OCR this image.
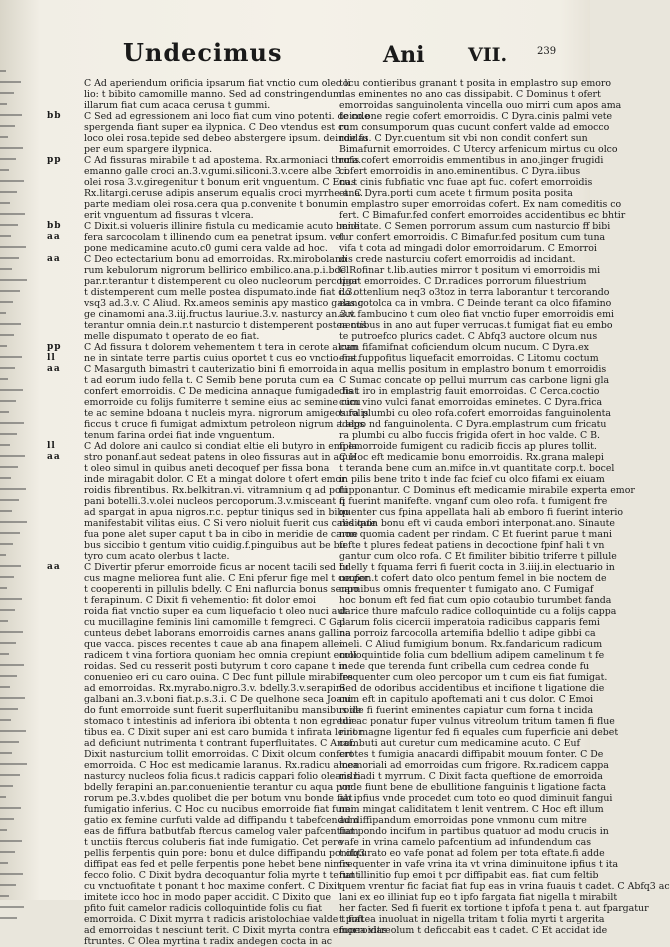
Undecimus	Ani VII.	239
C Ad aperiendum orificia ipsarum fiat vnctio cum oleo li
lio: t bibito camomille manno. Sed ad constringendum
illarum fiat cum acaca cerusa t gummi.
bb	C Sed ad egressionem ani loco fiat cum vino potenti. deinde
spergenda fiant super ea ilypnica. C Deo vtendus est co
loco olei rosa.tepide sed debeo abstergere ipsum. deinde fu
per eum spargere ilypnica.
pp	C Ad fissuras mirabile t ad apostema. Rx.armoniaci thuris
emanno galle croci an.3.v.gumi.siliconi.3.v.cere albe 3.i.
olei rosa 3.v.giregenitur t bonum erit vnguentum. C Enas
Rx.litargi.ceruse adipis anserum equalis croci myrrhe ana.
parte mediam olei rosa.cera qua p.convenite t bonum
erit vnguentum ad fissuras t vlcera.
bb	C Dixit.si volueris illinire fistula cu medicamie acuto bene
aa	fera sarcocolam t illinendo cum ea penetrat ipsum. vel
pone medicamine acuto.c0 gumi cera valde ad hoc.
aa	C Deo ectectarium bonu ad emorroidas. Rx.mirobolano
rum kebulorum nigrorum bellirico embilico.ana.p.i.bdel
par.r.terantur t distemperent cu oleo nucleorum percopor
t distemperent cum melle postea dispumato.inde fiat c.3.
vsq3 ad.3.v. C Aliud. Rx.ameos seminis apy mastico galang
ge cinamomi ana.3.iij.fructus lauriue.3.v. nasturcy an.3.v.
terantur omnia dein.r.t nasturcio t distemperent postea cus
melle dispumato t operato de eo fiat.
pp	C Ad fissura t dolorem vehementem t tera in cerote alcan
ll	ne in sintate terre partis cuius oportet t cus eo vnctio fiat.
aa	C Masarguth bimastri t cauterizatio bini fi emorroida
t ad eorum iudo fella t. C Semib bene poruta cum ea
confert emorroidis. C De medicina annaque fumigade fiat
emorroide cu folijs fumiterre t semine eius ac semine cicu
te ac semine bdoana t nucleis myra. nigrorum amigeos folis
ficcus t cruce fi fumigat admixtum petroleon nigrum adeps
tenum farina ordei fiat inde vnguentum.
ll	C Ad dolore ani caulco si condiat eltie eli butyro in empla
aa	stro ponanf.aut sedeat patens in oleo fissuras aut in aqua
t oleo simul in quibus aneti decoquef per fissa bona
inde miragabit dolor. C Et a mingat dolore t ofert emor
roidis fibrentibus. Rx.belkitran.vi. vitramnium q ad poti
pani botelli.3.v.olei nucleos percoporum.3.v.misceant q
ad spargat in apua nigros.r.c. peptur tiniqus sed in bibo
manifestabit vilitas eius. C Si vero nioluit fuerit cus caliditate
fua pone alet super caput t ba in cibo in meridie de carne
bus siccibio t gentum vitio cuidig.f.pinguibus aut be bu
tyro cum acato olerbus t lacte.
aa	C Divertir pferur emorroide ficus ar nocent tacili sed fu
cus magne meliorea funt alie. C Eni pferur fige mel t confer
t cooperenti in pillulis bdelly. C Eni naflurcia bonus senpo
t ferapinum. C Dixit fi vehementio: fit dolor emoi
roida fiat vnctio super ea cum liquefacio t oleo nuci aut
cu mucillagine feminis lini camomille t femgreci. C Gal
cunteus debet laborans emorroidis carnes anans gallina
que vacca. pisces recentes t caue ab ana finapem allei
radicem t vina fortiora quoniam hec omnia crepiunt emoi
roidas. Sed cu resserit posti butyrum t coro capane t in
conuenieo eri cu caro ouina. C Dec funt pillule mirabiles
ad emorroidas. Rx.myrabo.nigro.3.v. bdelly.3.v.serapini
galbani an.3.v.boni fiat.p.s.3.i. C De quelhone seca Joani
do funt emorroide sunt fuerit superfluitanibu mansibus de
stomaco t intestinis ad inferiora ibi obtenta t non egredie
tibus ea. C Dixit super ani est caro bumida t infirata leuior
ad deficiunt nutrimenta t contrant fuperfluitates. C Anaf.
Dixit nasturcium tollit emorroidas. C Dixit olcum confert
emorroida. C Hoc est medicamie laranus. Rx.radicu alcea
nasturcy nucleos folia ficus.t radicis cappari folio oleandri
bdelly ferapini an.par.conuenientie terantur cu aqua por
rorum pe.3.v.bdes quolibet die per botum vnu bonde fiat
fumigatio inferius. C Hoc cu nucibus emorroide fiat fumi
gatio ex femine curfuti valde ad diffipandu t tabefcendum
eas de fiffura batbutfab ftercus camelog valer pafcentium
t unctiis ftercus coluberis fiat inde fumigatio. Cet pere
pellis ferpentis quin pore: bonu et dulce diffipandu ponifq3
diffipat eas fed et pelle ferpentis pone hebet bene nimis
fecco folio. C Dixit bydra decoquantur folia myrte t terunt
cu vnctuofitate t ponant t hoc maxime confert. C Dixit
imitete icco hoc in modo paper accidit. C Dixito que
pfito fuit camelor radicis colloquintide folis cu fiat
emorroida. C Dixit myrra t radicis aristolochiae valde t fiat
ad emorroidas t nesciunt terit. C Dixit myrta contra emorroidas
ftruntes. C Olea myrtina t radix andegen cocta in ac
tocu contieribus granant t posita in emplastro sup emoro
das eminentes no ano cas dissipabit. C Dominus t ofert
emorroidas sanguinolenta vincella ouo mirri cum apos ama
te co.one regie cofert emorroidis. C Dyra.cinis palmi vete
rum consumporum quas cucunt confert valde ad emocco
roidas. C Dyr.cuentum sit vbi non condit confert sun
Bimafurnit emorroides. C Utercy arfenicum mirtus cu olco
rofa.cofert emorroidis emmentibus in ano.jinger frugidi
cofert emorroidis in ano.eminentibus. C Dyra.iibus
cu.t cinis fubfiatic vnc fuae apt fuc. cofert emorroidis
et. C Dyra.porti cum acete t firmum posita posita
in emplastro super emorroidas cofert. Ex nam comeditis co
fert. C Bimafur.fed confert emorroides accidentibus ec bhtir
miditate. C Semen porrorum assum cum nasturcio ff bibi
tur confert emorroidis. C Bimafur.fed positum cum tuna
vifa t cota ad mingadi dolor emorroidarum. C Emorroi
dis crede nasturciu cofert emorroidis ad incidant.
C Rofinar t.lib.auties mirror t positum vi emorroidis mi
tigat emorroides. C Dr.radices porrorum filuestrium
ilo ottenlium neq3 o3toz in terra laborantur t tercorando
eas cotolca ca in vmbra. C Deinde terant ca olco fifamino
aut fambucino t cum oleo fiat vnctio fuper emorroidis emi
nentibus in ano aut fuper verrucas.t fumigat fiat eu embo
te putroefco plurics cadet. C Abfq3 auctore olcum nus
cum fifamifnat coficiendum olcum nucum. C Dyra.ex
ens fuppofitus liquefacit emorroidas. C Litomu coctum
in aqua mellis positum in emplastro bonum t emorroidis
C Sumac concate op pellui murrum cas carbone ligni gla
dis t iro in emplastrig fauit emorroidas. C Cerca.coctio
cum vino vulci fanat emorroidas eminetes. C Dyra.frica
tura plumbi cu oleo rofa.cofert emorroidas fanguinolenta
t algo nd fanguinolenta. C Dyra.emplastrum cum fricatu
ra plumbi cu albo fuccis frigida ofert in hoc valde. C B.
fi emorroide fumigent cu radicib ficcis ap plures tollit.
C Hoc eft medicamie bonu emorroidis. Rx.grana malepi
t teranda bene cum an.mifce in.vt quantitate corp.t. bocel
in pilis bene trito t inde fac fcief cu olco fifami ex eiuam
fupponantur. C Dominus eft medicamie mirabile experta emor
fi fuerint manifefte. vnganf cum oleo rofa. t fumigent fre
quenter cus fpina appellata hali ab emboro fi fuerint interio
res quin bonu eft vi cauda embori interponat.ano. Sinaute
non quomia cadent per rindam. C Et fuerint parue t mani
fefte t plures fedeat patiens in decoctione fpinf hali t vn
gantur cum olco rofa. C Et fimiliter bibitio triferre t pillule
bdelly t fquama ferri fi fuerit cocta in 3.iiij.in electuario in
ue.pon.t cofert dato olco pentum femel in bie noctem de
carnibus omnis frequenter t fumigato ano. C Fumigaf
hoc bonum eft fed fiat cum opio cotaubio turumbet fanda
darice thure mafculo radice colloquintide cu a folijs cappa
parum folis cicercii imperatoia radicibus capparis femi
na porroiz farcocolla artemifia bdellio t adipe gibbi ca
meli. C Aliud fumigium bonum. Rx.fandaricum radicum
colloquintide folia cum bdellium adipem camelinum t fe
mede que terenda funt cribella cum cedrea conde fu
frequenter cum oleo percopor um t cum eis fiat fumigat.
Sed de odoribus accidentibus et incifione t ligatione die
cum eft in capitulo apoftemati ani t cus dolor. C Emoi
roide fi fuerint eminentes capiatur cum forna t incida
tur ac ponatur fuper vulnus vitreolum tritum tamen fi flue
rint magne ligentur fed fi equales cum fuperficie ani debet
combuti aut curetur cum medicamine acuto. C Euf
crotes t fumigia anacardi diffipabit mouum fonter. C De
memoriali ad emorroidas cum frigore. Rx.radicem cappa
ris badi t myrrum. C Dixit facta queftione de emorroida
vnde fiunt bene de ebullitione fanguinis t ligatione facta
ab ipfius vnde procedet cum toto eo quod diminuit fangui
nem mingat caliditatem t lenit ventrem. C Hoc eft illum
ad diffipandum emorroidas pone vnmonu cum mitre
fiat pondo incifum in partibus quatuor ad modu crucis in
vafe in vrina camelo pafcentium ad infundendum cas
t obturato eo vafe ponat ad folem per tota eftate.fi adde
frequenter in vafe vrina ita vt vrina diminuitone ipfius t ita
fiat illinitio fup emoi t pcr diffipabit eas. fiat cum feltib
quem vrentur fic faciat fiat fup eas in vrina fuauis t cadet. C Abfq3 ac
lani ex eo illiniat fup eo t ipfo fargata fiat nigella t mirabilt
her facter. Sed fi fuerit ex tortione t ipfofa t pena t. aut fpargatur
t poftea inuoluat in nigella tritam t folia myrti t argerita
fupea vitreolum t deficcabit eas t cadet. C Et accidat ide
